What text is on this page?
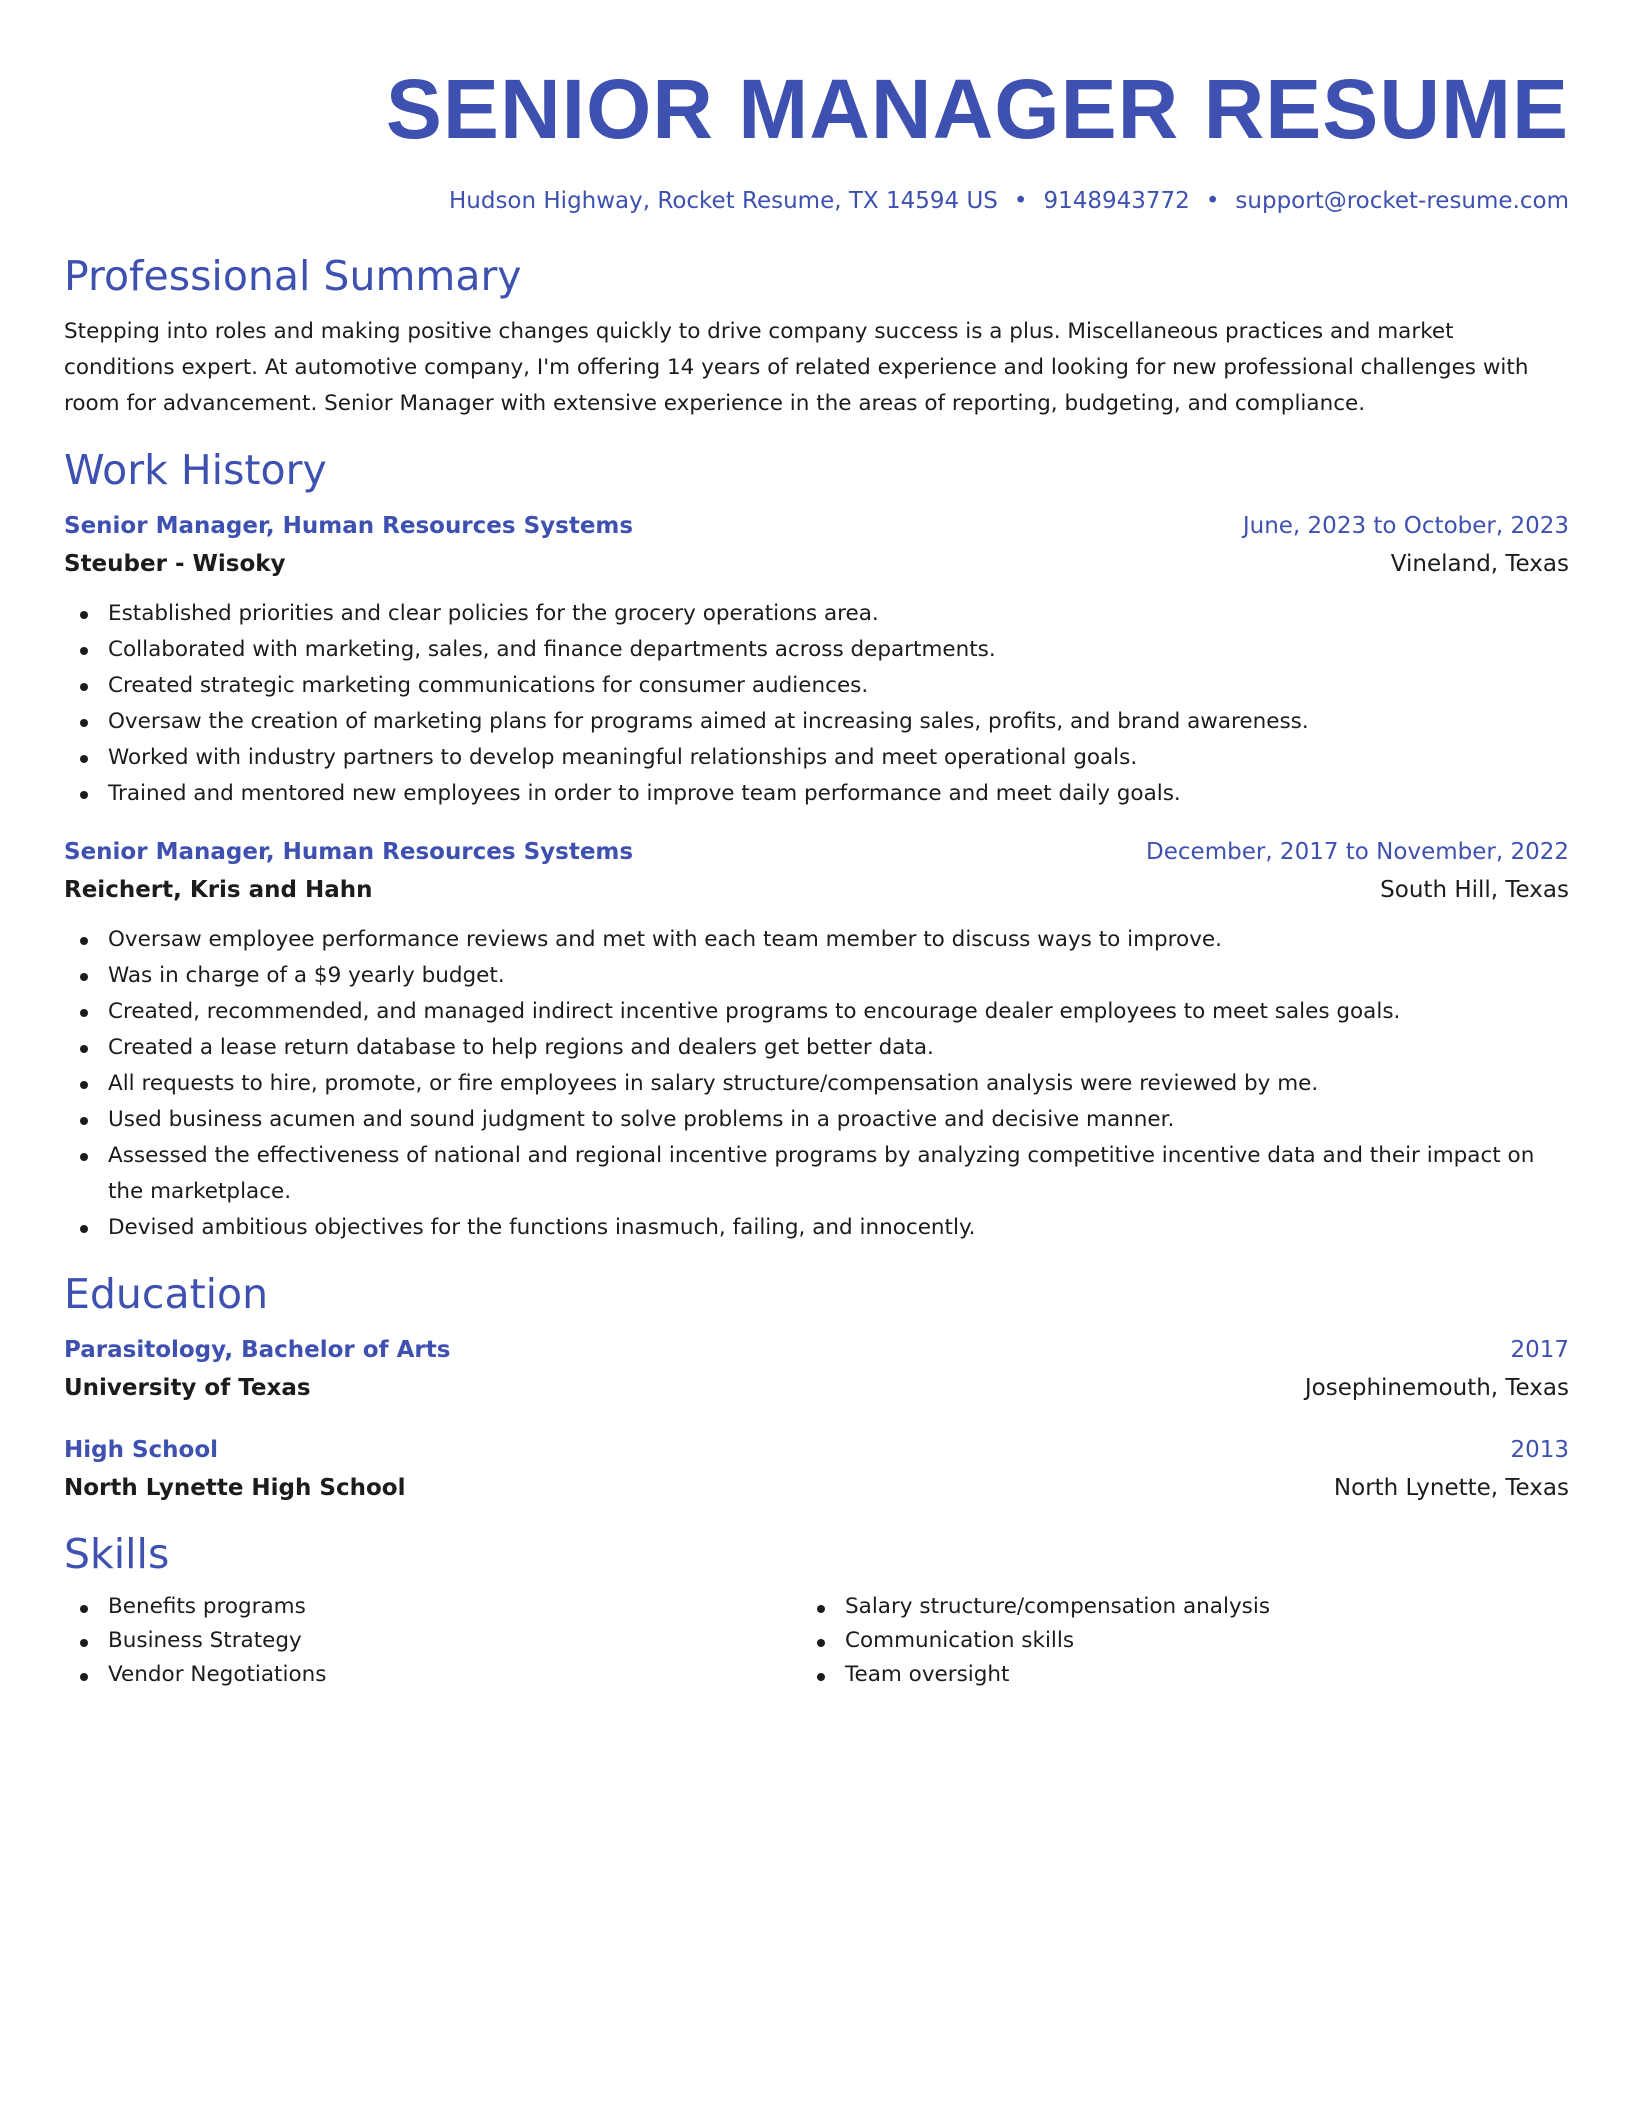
SENIOR MANAGER RESUME
Hudson Highway, Rocket Resume, TX 14594 US • 9148943772 • support@rocket-resume.com
Professional Summary

Stepping into roles and making positive changes quickly to drive company success is a plus. Miscellaneous practices and market conditions expert. At automotive company, I'm offering 14 years of related experience and looking for new professional challenges with room for advancement. Senior Manager with extensive experience in the areas of reporting, budgeting, and compliance.

Work History
Senior Manager, Human Resources Systems	June, 2023 to October, 2023
Steuber - Wisoky	Vineland, Texas
Established priorities and clear policies for the grocery operations area.
Collaborated with marketing, sales, and finance departments across departments.
Created strategic marketing communications for consumer audiences.
Oversaw the creation of marketing plans for programs aimed at increasing sales, profits, and brand awareness.
Worked with industry partners to develop meaningful relationships and meet operational goals.
Trained and mentored new employees in order to improve team performance and meet daily goals.
Senior Manager, Human Resources Systems	December, 2017 to November, 2022
Reichert, Kris and Hahn	South Hill, Texas
Oversaw employee performance reviews and met with each team member to discuss ways to improve.
Was in charge of a $9 yearly budget.
Created, recommended, and managed indirect incentive programs to encourage dealer employees to meet sales goals.
Created a lease return database to help regions and dealers get better data.
All requests to hire, promote, or fire employees in salary structure/compensation analysis were reviewed by me.
Used business acumen and sound judgment to solve problems in a proactive and decisive manner.
Assessed the effectiveness of national and regional incentive programs by analyzing competitive incentive data and their impact on the marketplace.
Devised ambitious objectives for the functions inasmuch, failing, and innocently.
Education
Parasitology, Bachelor of Arts	2017
University of Texas	Josephinemouth, Texas
High School	2013
North Lynette High School	North Lynette, Texas
Skills
Benefits programs
Business Strategy
Vendor Negotiations
Salary structure/compensation analysis
Communication skills
Team oversight
